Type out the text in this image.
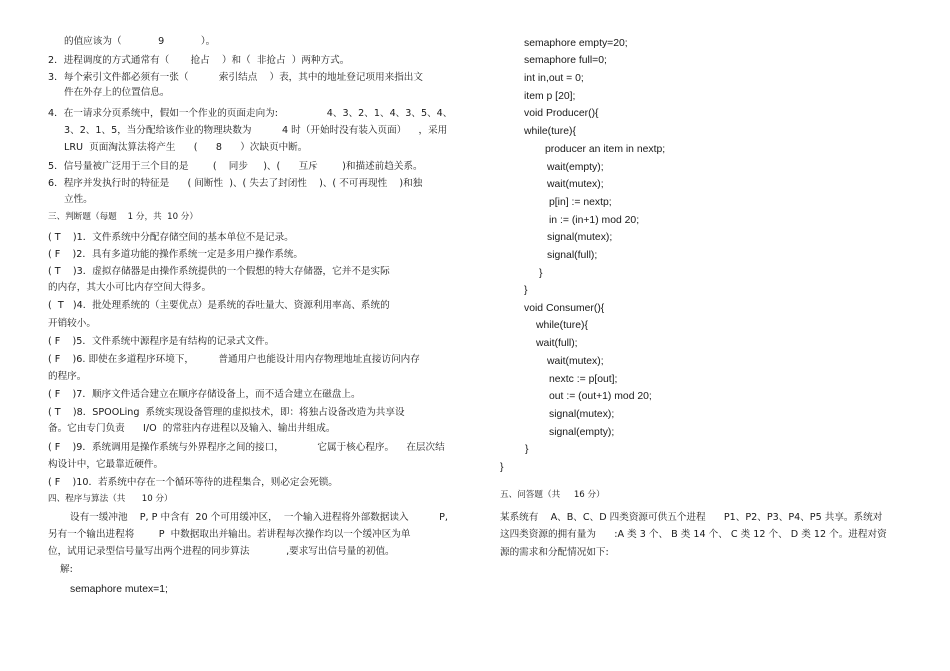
的值应该为（            9            ）。
2．进程调度的方式通常有（       抢占    ）和（  非抢占  ）两种方式。
3．每个索引文件都必须有一张（          索引结点    ）表，其中的地址登记项用来指出文
件在外存上的位置信息。
4．在一请求分页系统中，假如一个作业的页面走向为:                4、3、2、1、4、3、5、4、
3、2、1、5，当分配给该作业的物理块数为          4 时（开始时没有装入页面）    ，采用
LRU  页面淘汰算法将产生      (      8      ）次缺页中断。
5．信号量被广泛用于三个目的是        (    同步     )、(      互斥        )和描述前趋关系。
6．程序并发执行时的特征是      ( 间断性  )、( 失去了封闭性    )、( 不可再现性    )和独
立性。
三、判断题（每题    1 分，共  10 分）
( T    )1．文件系统中分配存储空间的基本单位不是记录。
( F    )2．具有多道功能的操作系统一定是多用户操作系统。
( T    )3．虚拟存储器是由操作系统提供的一个假想的特大存储器，它并不是实际
的内存，其大小可比内存空间大得多。
(  T   )4．批处理系统的（主要优点）是系统的吞吐量大、资源利用率高、系统的
开销较小。
( F    )5．文件系统中源程序是有结构的记录式文件。
( F    )6. 即使在多道程序环境下，        普通用户也能设计用内存物理地址直接访问内存
的程序。
( F    )7．顺序文件适合建立在顺序存储设备上，而不适合建立在磁盘上。
( T    )8．SPOOLing  系统实现设备管理的虚拟技术，即：将独占设备改造为共享设
备。它由专门负责      I/O  的常驻内存进程以及输入、输出井组成。
( F    )9．系统调用是操作系统与外界程序之间的接口，           它属于核心程序。    在层次结
构设计中，它最靠近硬件。
( F    )10．若系统中存在一个循环等待的进程集合，则必定会死锁。
四、程序与算法（共      10 分）
设有一缓冲池    P, P 中含有  20 个可用缓冲区，  一个输入进程将外部数据读入          P,
另有一个输出进程将        P  中数据取出并输出。若讲程每次操作均以一个缓冲区为单
位，试用记录型信号量写出两个进程的同步算法            ,要求写出信号量的初值。
解:
semaphore mutex=1;
semaphore empty=20;
semaphore full=0;
int in,out = 0;
item p [20];
void Producer(){
while(ture){
producer an item in nextp;
wait(empty);
wait(mutex);
p[in] := nextp;
in := (in+1) mod 20;
signal(mutex);
signal(full);
}
}
void Consumer(){
while(ture){
wait(full);
wait(mutex);
nextc := p[out];
out := (out+1) mod 20;
signal(mutex);
signal(empty);
}
}
五、问答题（共     16 分）
某系统有    A、B、C、D 四类资源可供五个进程      P1、P2、P3、P4、P5 共享。系统对
这四类资源的拥有量为      :A 类 3 个、 B 类 14 个、 C 类 12 个、 D 类 12 个。进程对资
源的需求和分配情况如下:
